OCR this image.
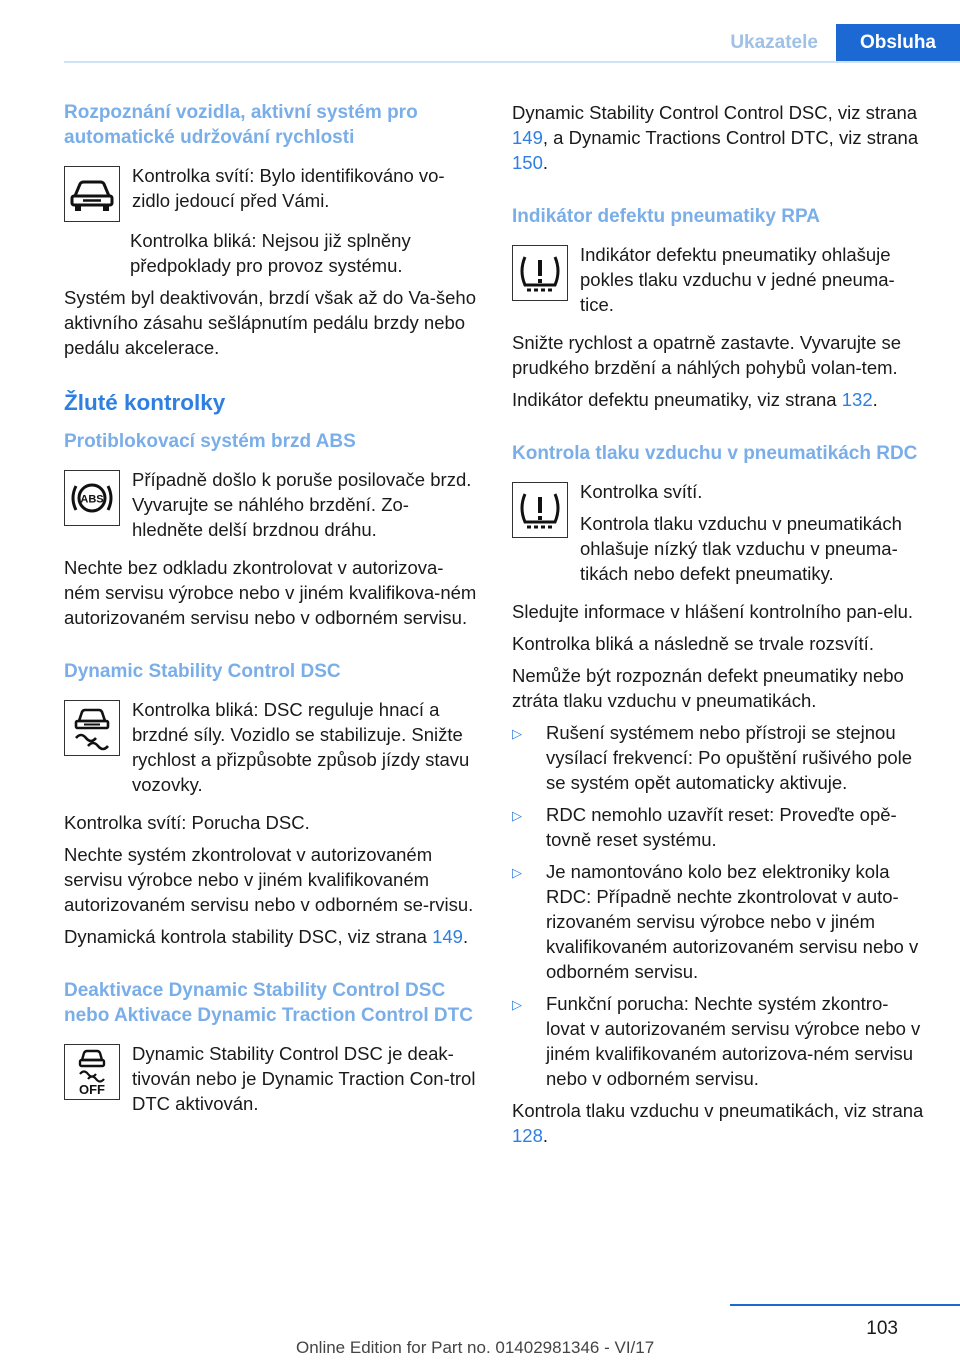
Ukazatele	Obsluha
Rozpoznání vozidla, aktivní systém pro automatické udržování rychlosti

Kontrolka svítí: Bylo identifikováno vo-zidlo jedoucí před Vámi.

Kontrolka bliká: Nejsou již splněny předpoklady pro provoz systému.

Systém byl deaktivován, brzdí však až do Va-šeho aktivního zásahu sešlápnutím pedálu brzdy nebo pedálu akcelerace.

Žluté kontrolky
Protiblokovací systém brzd ABS
ABS

Případně došlo k poruše posilovače brzd. Vyvarujte se náhlého brzdění. Zo-hledněte delší brzdnou dráhu.

Nechte bez odkladu zkontrolovat v autorizova-ném servisu výrobce nebo v jiném kvalifikova-ném autorizovaném servisu nebo v odborném servisu.

Dynamic Stability Control DSC

Kontrolka bliká: DSC reguluje hnací a brzdné síly. Vozidlo se stabilizuje. Snižte rychlost a přizpůsobte způsob jízdy stavu vozovky.

Kontrolka svítí: Porucha DSC.

Nechte systém zkontrolovat v autorizovaném servisu výrobce nebo v jiném kvalifikovaném autorizovaném servisu nebo v odborném se-rvisu.

Dynamická kontrola stability DSC, viz strana 149.

Deaktivace Dynamic Stability Control DSC nebo Aktivace Dynamic Traction Control DTC
OFF

Dynamic Stability Control DSC je deak-tivován nebo je Dynamic Traction Con-trol DTC aktivován.

Dynamic Stability Control Control DSC, viz strana 149, a Dynamic Tractions Control DTC, viz strana 150.

Indikátor defektu pneumatiky RPA

Indikátor defektu pneumatiky ohlašuje pokles tlaku vzduchu v jedné pneuma-tice.

Snižte rychlost a opatrně zastavte. Vyvarujte se prudkého brzdění a náhlých pohybů volan-tem.

Indikátor defektu pneumatiky, viz strana 132.

Kontrola tlaku vzduchu v pneumatikách RDC

Kontrolka svítí.

Kontrola tlaku vzduchu v pneumatikách ohlašuje nízký tlak vzduchu v pneuma-tikách nebo defekt pneumatiky.

Sledujte informace v hlášení kontrolního pan-elu.

Kontrolka bliká a následně se trvale rozsvítí.

Nemůže být rozpoznán defekt pneumatiky nebo ztráta tlaku vzduchu v pneumatikách.

▷	Rušení systémem nebo přístroji se stejnou vysílací frekvencí: Po opuštění rušivého pole se systém opět automaticky aktivuje.
▷	RDC nemohlo uzavřít reset: Proveďte opě-tovně reset systému.
▷	Je namontováno kolo bez elektroniky kola RDC: Případně nechte zkontrolovat v auto-rizovaném servisu výrobce nebo v jiném kvalifikovaném autorizovaném servisu nebo v odborném servisu.
▷	Funkční porucha: Nechte systém zkontro-lovat v autorizovaném servisu výrobce nebo v jiném kvalifikovaném autorizova-ném servisu nebo v odborném servisu.

Kontrola tlaku vzduchu v pneumatikách, viz strana 128.

103
Online Edition for Part no. 01402981346 - VI/17
